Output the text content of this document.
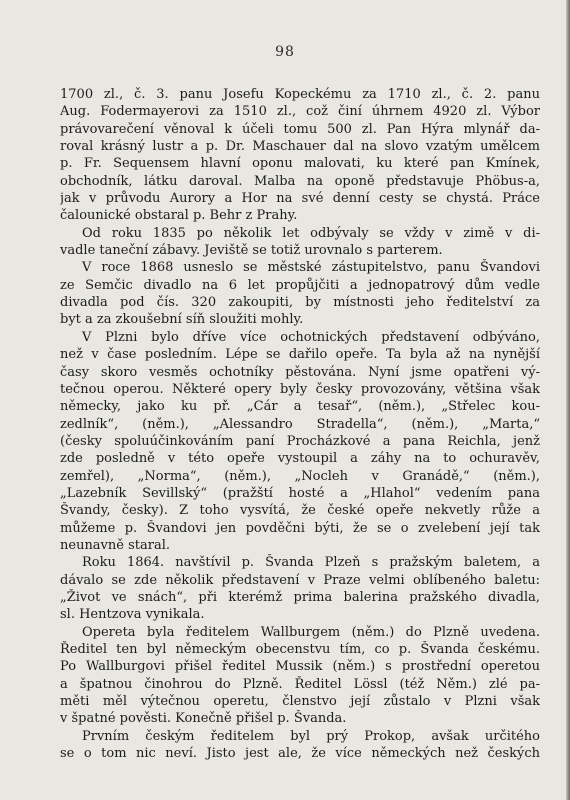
98
1700 zl., č. 3. panu Josefu Kopeckému za 1710 zl., č. 2. panu
Aug. Fodermayerovi za 1510 zl., což činí úhrnem 4920 zl. Výbor
právovarečení věnoval k účeli tomu 500 zl. Pan Hýra mlynář da-
roval krásný lustr a p. Dr. Maschauer dal na slovo vzatým umělcem
p. Fr. Sequensem hlavní oponu malovati, ku které pan Kmínek,
obchodník, látku daroval. Malba na oponě představuje Phöbus-a,
jak v průvodu Aurory a Hor na své denní cesty se chystá. Práce
čalounické obstaral p. Behr z Prahy.
Od roku 1835 po několik let odbývaly se vždy v zimě v di-
vadle taneční zábavy. Jeviště se totiž urovnalo s parterem.
V roce 1868 usneslo se městské zástupitelstvo, panu Švandovi
ze Semčic divadlo na 6 let propůjčiti a jednopatrový dům vedle
divadla pod čís. 320 zakoupiti, by místnosti jeho ředitelství za
byt a za zkoušební síň sloužiti mohly.
V Plzni bylo dříve více ochotnických představení odbýváno,
než v čase posledním. Lépe se dařilo opeře. Ta byla až na nynější
časy skoro vesměs ochotníky pěstována. Nyní jsme opatřeni vý-
tečnou operou. Některé opery byly česky provozovány, většina však
německy, jako ku př. „Cár a tesař“, (něm.), „Střelec kou-
zedlník“, (něm.), „Alessandro Stradella“, (něm.), „Marta,“
(česky spoluúčinkováním paní Procházkové a pana Reichla, jenž
zde posledně v této opeře vystoupil a záhy na to ochuravěv,
zemřel), „Norma“, (něm.), „Nocleh v Granádě,“ (něm.),
„Lazebník Sevillský“ (pražští hosté a „Hlahol“ vedením pana
Švandy, česky). Z toho vysvítá, že české opeře nekvetly růže a
můžeme p. Švandovi jen povděčni býti, že se o zvelebení její tak
neunavně staral.
Roku 1864. navštívil p. Švanda Plzeň s pražským baletem, a
dávalo se zde několik představení v Praze velmi oblíbeného baletu:
„Život ve snách“, při kterémž prima balerina pražského divadla,
sl. Hentzova vynikala.
Opereta byla ředitelem Wallburgem (něm.) do Plzně uvedena.
Ředitel ten byl německým obecenstvu tím, co p. Švanda českému.
Po Wallburgovi přišel ředitel Mussik (něm.) s prostřední operetou
a špatnou činohrou do Plzně. Ředitel Lössl (též Něm.) zlé pa-
měti měl výtečnou operetu, členstvo její zůstalo v Plzni však
v špatné pověsti. Konečně přišel p. Švanda.
Prvním českým ředitelem byl prý Prokop, avšak určitého
se o tom nic neví. Jisto jest ale, že více německých než českých
